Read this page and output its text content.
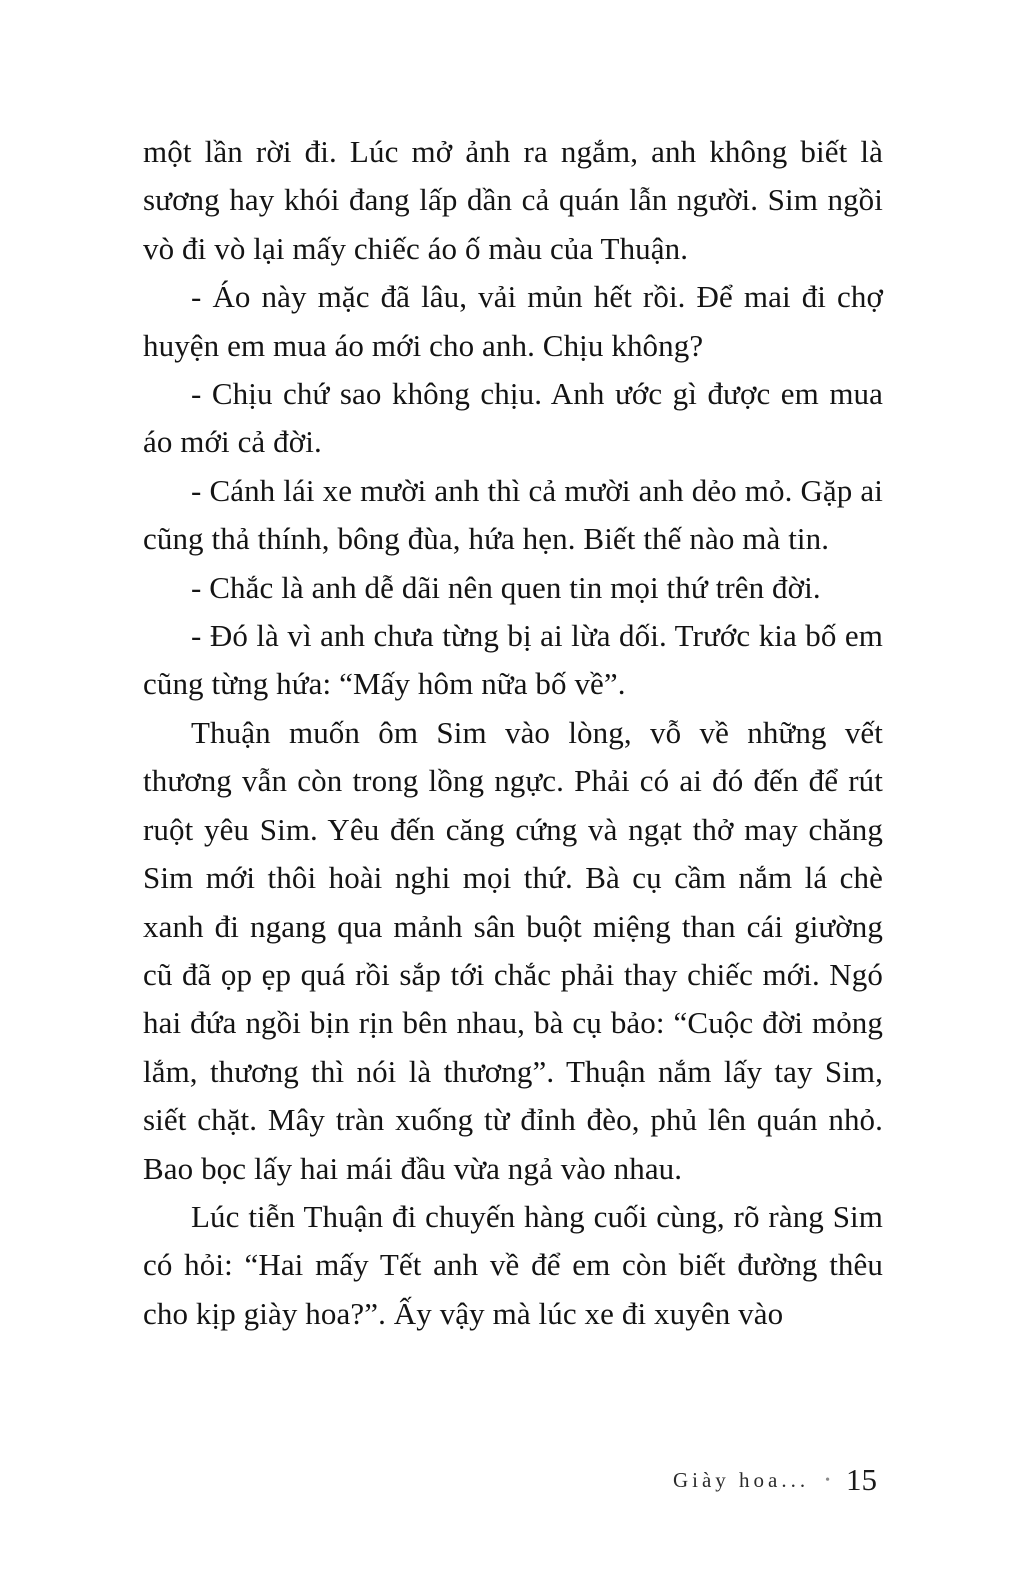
một lần rời đi. Lúc mở ảnh ra ngắm, anh không biết là sương hay khói đang lấp dần cả quán lẫn người. Sim ngồi vò đi vò lại mấy chiếc áo ố màu của Thuận.

- Áo này mặc đã lâu, vải mủn hết rồi. Để mai đi chợ huyện em mua áo mới cho anh. Chịu không?

- Chịu chứ sao không chịu. Anh ước gì được em mua áo mới cả đời.

- Cánh lái xe mười anh thì cả mười anh dẻo mỏ. Gặp ai cũng thả thính, bông đùa, hứa hẹn. Biết thế nào mà tin.

- Chắc là anh dễ dãi nên quen tin mọi thứ trên đời.

- Đó là vì anh chưa từng bị ai lừa dối. Trước kia bố em cũng từng hứa: “Mấy hôm nữa bố về”.

Thuận muốn ôm Sim vào lòng, vỗ về những vết thương vẫn còn trong lồng ngực. Phải có ai đó đến để rút ruột yêu Sim. Yêu đến căng cứng và ngạt thở may chăng Sim mới thôi hoài nghi mọi thứ. Bà cụ cầm nắm lá chè xanh đi ngang qua mảnh sân buột miệng than cái giường cũ đã ọp ẹp quá rồi sắp tới chắc phải thay chiếc mới. Ngó hai đứa ngồi bịn rịn bên nhau, bà cụ bảo: “Cuộc đời mỏng lắm, thương thì nói là thương”. Thuận nắm lấy tay Sim, siết chặt. Mây tràn xuống từ đỉnh đèo, phủ lên quán nhỏ. Bao bọc lấy hai mái đầu vừa ngả vào nhau.

Lúc tiễn Thuận đi chuyến hàng cuối cùng, rõ ràng Sim có hỏi: “Hai mấy Tết anh về để em còn biết đường thêu cho kịp giày hoa?”. Ấy vậy mà lúc xe đi xuyên vào

Giày hoa... • 15
